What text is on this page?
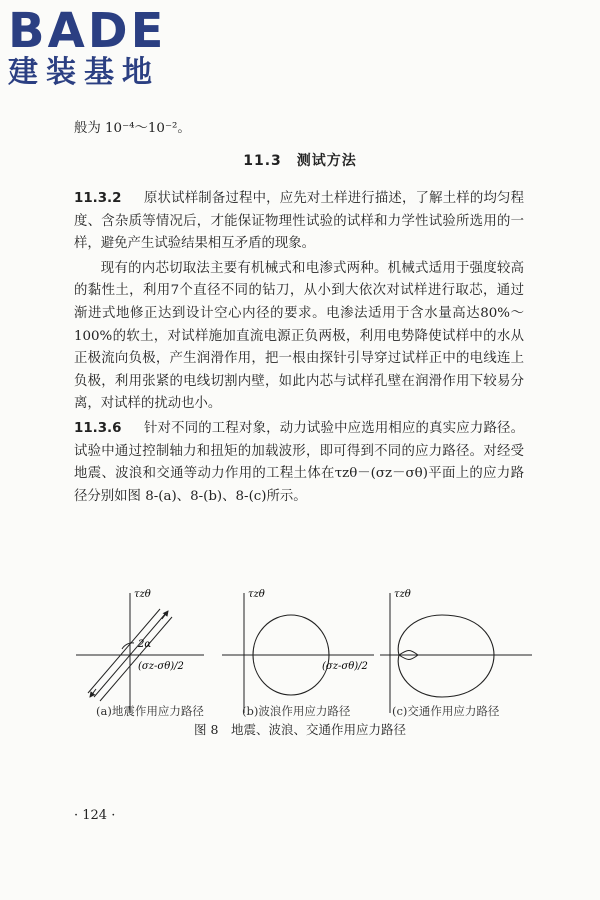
BADE
建装基地

般为 10⁻⁴～10⁻²。

11.3　测试方法

11.3.2 　 原状试样制备过程中，应先对土样进行描述，了解土样的均匀程度、含杂质等情况后，才能保证物理性试验的试样和力学性试验所选用的一样，避免产生试验结果相互矛盾的现象。

现有的内芯切取法主要有机械式和电渗式两种。机械式适用于强度较高的黏性土，利用7个直径不同的钻刀，从小到大依次对试样进行取芯，通过渐进式地修正达到设计空心内径的要求。电渗法适用于含水量高达80%～100%的软土，对试样施加直流电源正负两极，利用电势降使试样中的水从正极流向负极，产生润滑作用，把一根由探针引导穿过试样正中的电线连上负极，利用张紧的电线切割内壁，如此内芯与试样孔壁在润滑作用下较易分离，对试样的扰动也小。

11.3.6 　 针对不同的工程对象，动力试验中应选用相应的真实应力路径。试验中通过控制轴力和扭矩的加载波形，即可得到不同的应力路径。对经受地震、波浪和交通等动力作用的工程土体在τzθ－(σz－σθ)平面上的应力路径分别如图 8-(a)、8-(b)、8-(c)所示。

τzθ
2α
(σz-σθ)/2
τzθ
(σz-σθ)/2
τzθ
(a)地震作用应力路径	(b)波浪作用应力路径	(c)交通作用应力路径
图 8　地震、波浪、交通作用应力路径
· 124 ·
